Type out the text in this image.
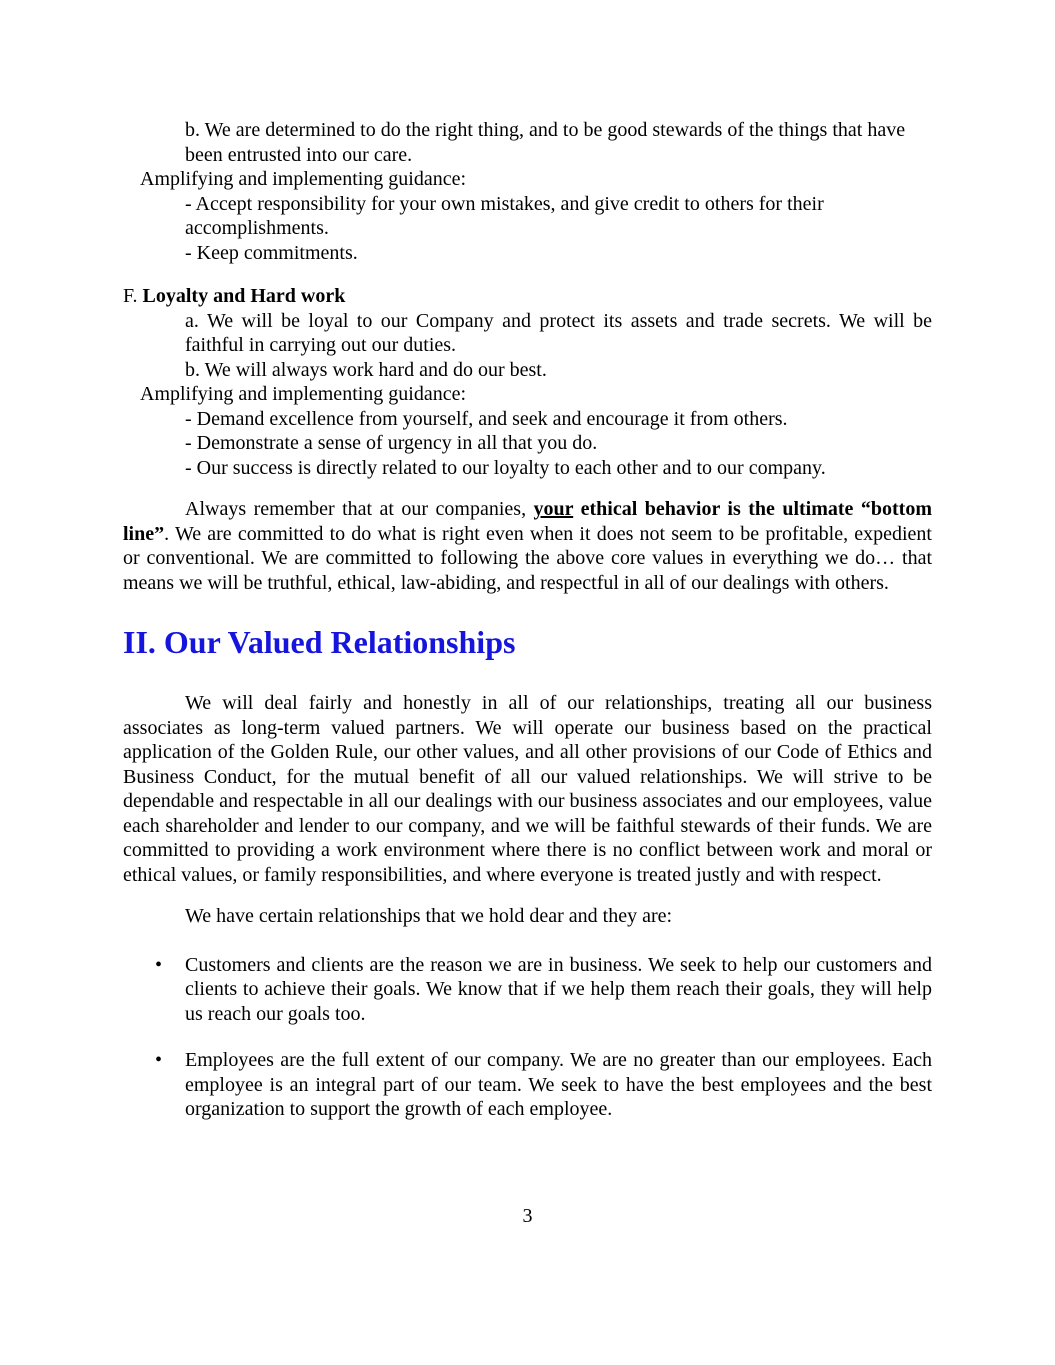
b. We are determined to do the right thing, and to be good stewards of the things that have been entrusted into our care.

Amplifying and implementing guidance:

- Accept responsibility for your own mistakes, and give credit to others for their accomplishments.

- Keep commitments.

F. Loyalty and Hard work

a. We will be loyal to our Company and protect its assets and trade secrets. We will be faithful in carrying out our duties.

b. We will always work hard and do our best.

Amplifying and implementing guidance:

- Demand excellence from yourself, and seek and encourage it from others.

- Demonstrate a sense of urgency in all that you do.

- Our success is directly related to our loyalty to each other and to our company.

Always remember that at our companies, your ethical behavior is the ultimate “bottom line”. We are committed to do what is right even when it does not seem to be profitable, expedient or conventional. We are committed to following the above core values in everything we do… that means we will be truthful, ethical, law-abiding, and respectful in all of our dealings with others.

II. Our Valued Relationships

We will deal fairly and honestly in all of our relationships, treating all our business associates as long-term valued partners. We will operate our business based on the practical application of the Golden Rule, our other values, and all other provisions of our Code of Ethics and Business Conduct, for the mutual benefit of all our valued relationships. We will strive to be dependable and respectable in all our dealings with our business associates and our employees, value each shareholder and lender to our company, and we will be faithful stewards of their funds. We are committed to providing a work environment where there is no conflict between work and moral or ethical values, or family responsibilities, and where everyone is treated justly and with respect.

We have certain relationships that we hold dear and they are:

• Customers and clients are the reason we are in business. We seek to help our customers and clients to achieve their goals. We know that if we help them reach their goals, they will help us reach our goals too.
• Employees are the full extent of our company. We are no greater than our employees. Each employee is an integral part of our team. We seek to have the best employees and the best organization to support the growth of each employee.
3
